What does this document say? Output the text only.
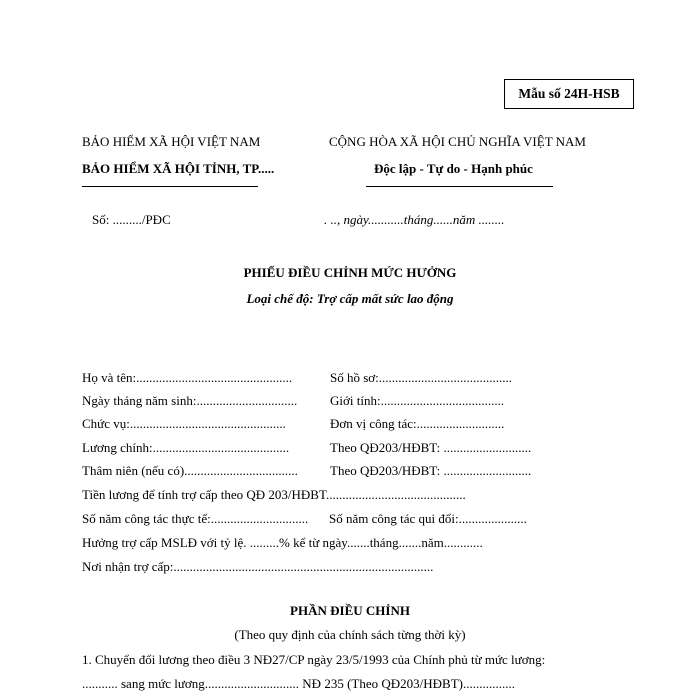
Mẫu số 24H-HSB
BẢO HIỂM XÃ HỘI VIỆT NAM
BẢO HIỂM XÃ HỘI TỈNH, TP.....
Số: ........./PĐC
CỘNG HÒA XÃ HỘI CHỦ NGHĨA VIỆT NAM
Độc lập - Tự do - Hạnh phúc
. .., ngày...........tháng......năm ........
PHIẾU ĐIỀU CHỈNH MỨC HƯỞNG
Loại chế độ: Trợ cấp mất sức lao động
Họ và tên:................................................	Số hồ sơ:.........................................
Ngày tháng năm sinh:...............................	Giới tính:......................................
Chức vụ:................................................	Đơn vị công tác:...........................
Lương chính:..........................................	Theo QĐ203/HĐBT: ...........................
Thâm niên (nếu có)................................... Theo QĐ203/HĐBT: ...........................
Tiền lương để tính trợ cấp theo QĐ 203/HĐBT...........................................
Số năm công tác thực tế:.............................. Số năm công tác qui đổi:.....................
Hưởng trợ cấp MSLĐ với tỷ lệ. .........% kể từ ngày.......tháng.......năm............
Nơi nhận trợ cấp:................................................................................
PHẦN ĐIỀU CHỈNH
(Theo quy định của chính sách từng thời kỳ)
1. Chuyển đổi lương theo điều 3 NĐ27/CP ngày 23/5/1993 của Chính phủ từ mức lương:
........... sang mức lương............................. NĐ 235 (Theo QĐ203/HĐBT)................
